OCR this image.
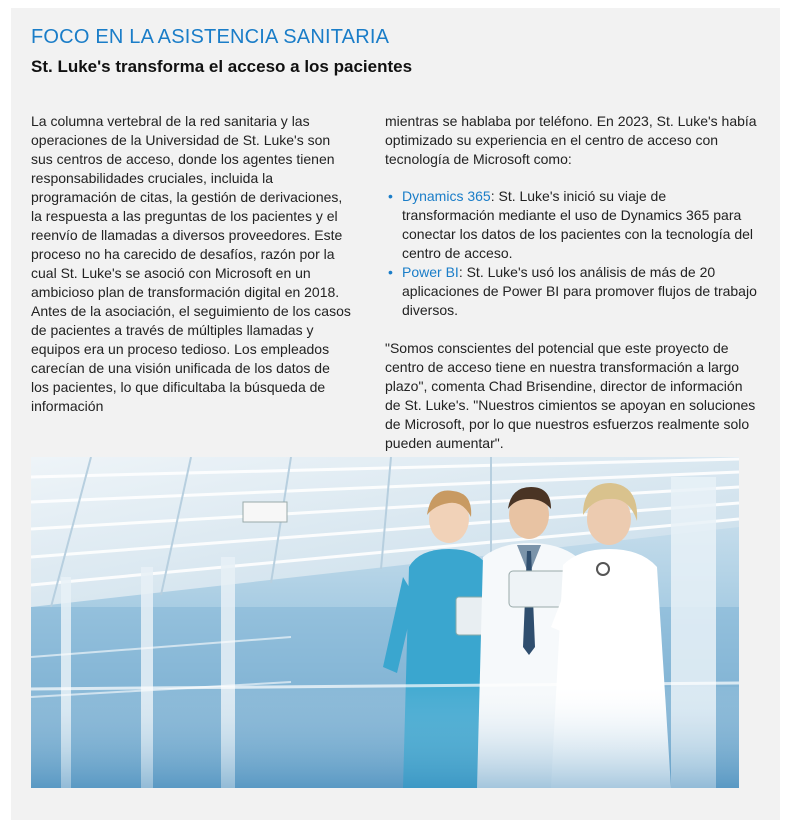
FOCO EN LA ASISTENCIA SANITARIA
St. Luke's transforma el acceso a los pacientes

La columna vertebral de la red sanitaria y las operaciones de la Universidad de St. Luke's son sus centros de acceso, donde los agentes tienen responsabilidades cruciales, incluida la programación de citas, la gestión de derivaciones, la respuesta a las preguntas de los pacientes y el reenvío de llamadas a diversos proveedores. Este proceso no ha carecido de desafíos, razón por la cual St. Luke's se asoció con Microsoft en un ambicioso plan de transformación digital en 2018. Antes de la asociación, el seguimiento de los casos de pacientes a través de múltiples llamadas y equipos era un proceso tedioso. Los empleados carecían de una visión unificada de los datos de los pacientes, lo que dificultaba la búsqueda de información

mientras se hablaba por teléfono. En 2023, St. Luke's había optimizado su experiencia en el centro de acceso con tecnología de Microsoft como:

• Dynamics 365: St. Luke's inició su viaje de transformación mediante el uso de Dynamics 365 para conectar los datos de los pacientes con la tecnología del centro de acceso.
• Power BI: St. Luke's usó los análisis de más de 20 aplicaciones de Power BI para promover flujos de trabajo diversos.

"Somos conscientes del potencial que este proyecto de centro de acceso tiene en nuestra transformación a largo plazo", comenta Chad Brisendine, director de información de St. Luke's. "Nuestros cimientos se apoyan en soluciones de Microsoft, por lo que nuestros esfuerzos realmente solo pueden aumentar".
